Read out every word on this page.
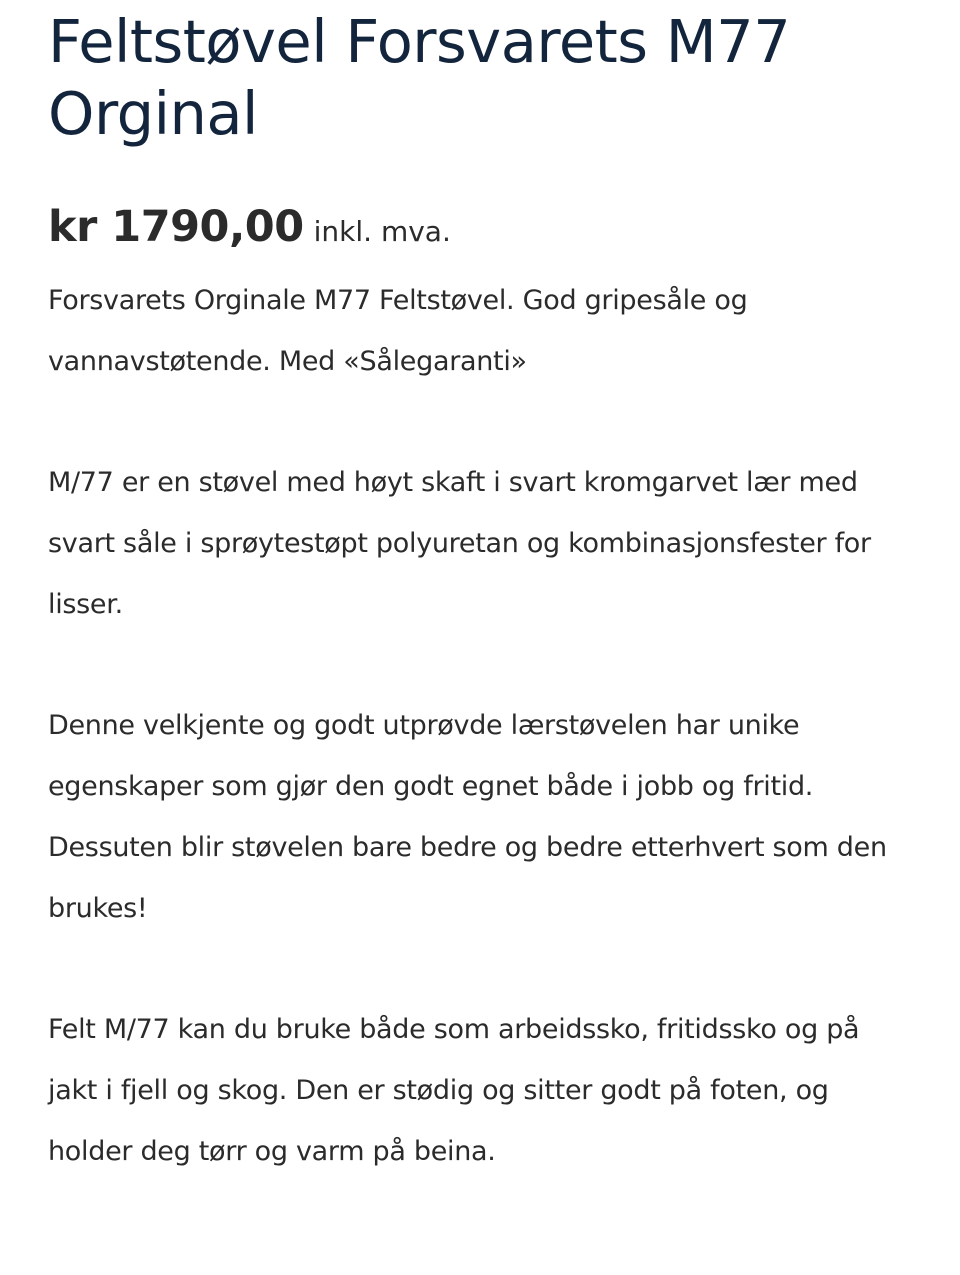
Feltstøvel Forsvarets M77 Orginal
kr 1790,00 inkl. mva.

Forsvarets Orginale M77 Feltstøvel. God gripesåle og vannavstøtende. Med «Sålegaranti»

M/77 er en støvel med høyt skaft i svart kromgarvet lær med svart såle i sprøytestøpt polyuretan og kombinasjonsfester for lisser.

Denne velkjente og godt utprøvde lærstøvelen har unike egenskaper som gjør den godt egnet både i jobb og fritid. Dessuten blir støvelen bare bedre og bedre etterhvert som den brukes!

Felt M/77 kan du bruke både som arbeidssko, fritidssko og på jakt i fjell og skog. Den er stødig og sitter godt på foten, og holder deg tørr og varm på beina.
